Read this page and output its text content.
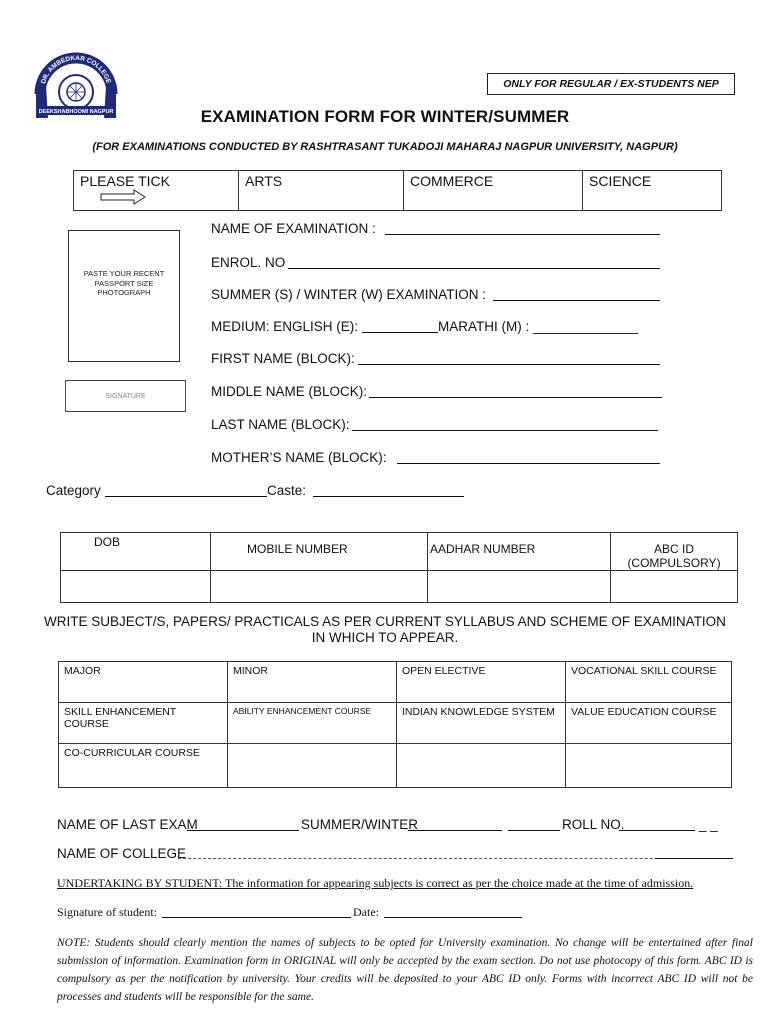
DR. AMBEDKAR COLLEGE
DEEKSHABHOOMI NAGPUR
ONLY FOR REGULAR / EX-STUDENTS NEP
EXAMINATION FORM FOR WINTER/SUMMER
(FOR EXAMINATIONS CONDUCTED BY RASHTRASANT TUKADOJI MAHARAJ NAGPUR UNIVERSITY, NAGPUR)
PLEASE TICK	ARTS	COMMERCE	SCIENCE
PASTE YOUR RECENT
PASSPORT SIZE
PHOTOGRAPH
SIGNATURE
NAME OF EXAMINATION :
ENROL. NO
SUMMER (S) / WINTER (W) EXAMINATION :
MEDIUM: ENGLISH (E):	MARATHI (M) : ______________
FIRST NAME (BLOCK):
MIDDLE NAME (BLOCK):
LAST NAME (BLOCK):
MOTHER’S NAME (BLOCK):
Category	Caste:
DOB	MOBILE NUMBER	AADHAR NUMBER	ABC ID (COMPULSORY)

WRITE SUBJECT/S, PAPERS/ PRACTICALS AS PER CURRENT SYLLABUS AND SCHEME OF EXAMINATION IN WHICH TO APPEAR.
MAJOR	MINOR	OPEN ELECTIVE	VOCATIONAL SKILL COURSE
SKILL ENHANCEMENT COURSE	ABILITY ENHANCEMENT COURSE	INDIAN KNOWLEDGE SYSTEM	VALUE EDUCATION COURSE
CO-CURRICULAR COURSE			
NAME OF LAST EXAM	SUMMER/WINTER	ROLL NO.	_ _
NAME OF COLLEGE
UNDERTAKING BY STUDENT: The information for appearing subjects is correct as per the choice made at the time of admission.
Signature of student:	Date:
NOTE: Students should clearly mention the names of subjects to be opted for University examination. No change will be entertained after final submission of information. Examination form in ORIGINAL will only be accepted by the exam section. Do not use photocopy of this form. ABC ID is compulsory as per the notification by university. Your credits will be deposited to your ABC ID only. Forms with incorrect ABC ID will not be processes and students will be responsible for the same.
